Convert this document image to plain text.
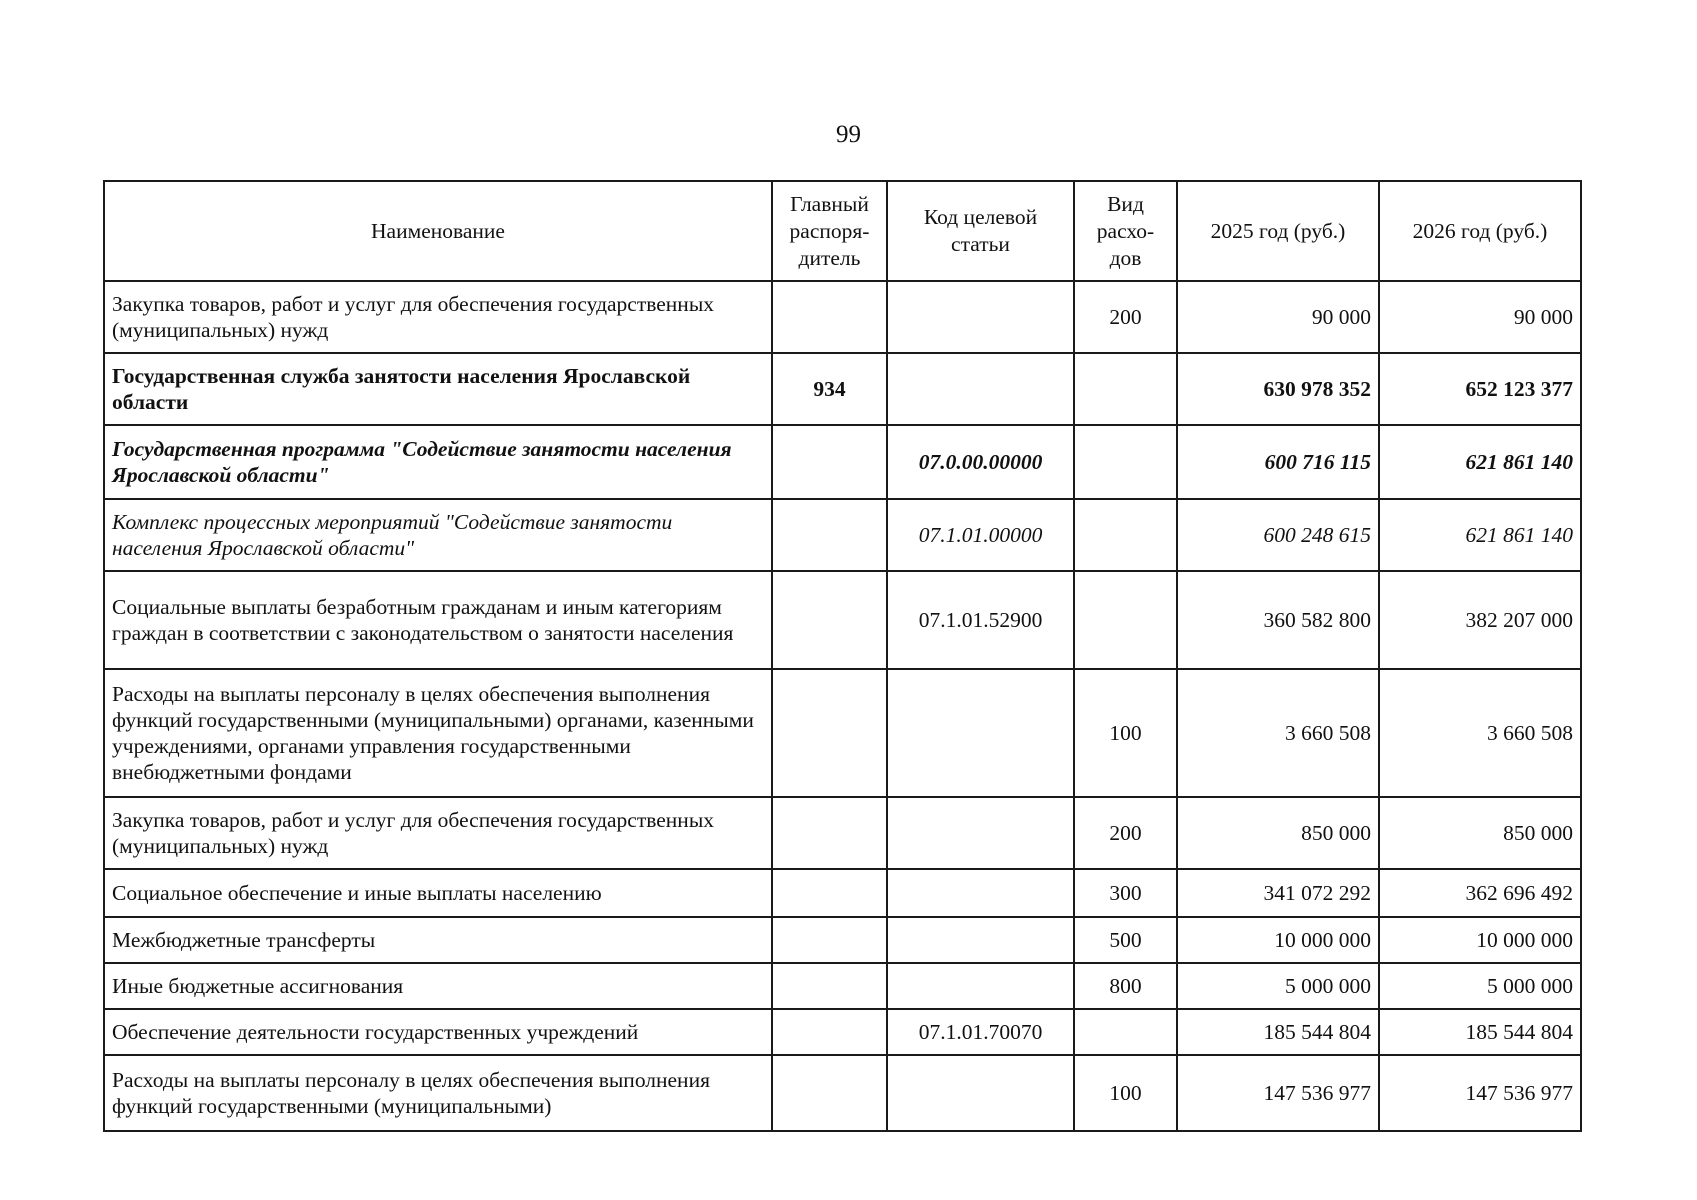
99
Наименование	Главный распоря-дитель	Код целевой статьи	Вид расхо-дов	2025 год (руб.)	2026 год (руб.)
Закупка товаров, работ и услуг для обеспечения государственных (муниципальных) нужд			200	90 000	90 000
Государственная служба занятости населения Ярославской области	934			630 978 352	652 123 377
Государственная программа "Содействие занятости населения Ярославской области"		07.0.00.00000		600 716 115	621 861 140
Комплекс процессных мероприятий "Содействие занятости населения Ярославской области"		07.1.01.00000		600 248 615	621 861 140
Социальные выплаты безработным гражданам и иным категориям граждан в соответствии с законодательством о занятости населения		07.1.01.52900		360 582 800	382 207 000
Расходы на выплаты персоналу в целях обеспечения выполнения функций государственными (муниципальными) органами, казенными учреждениями, органами управления государственными внебюджетными фондами			100	3 660 508	3 660 508
Закупка товаров, работ и услуг для обеспечения государственных (муниципальных) нужд			200	850 000	850 000
Социальное обеспечение и иные выплаты населению			300	341 072 292	362 696 492
Межбюджетные трансферты			500	10 000 000	10 000 000
Иные бюджетные ассигнования			800	5 000 000	5 000 000
Обеспечение деятельности государственных учреждений		07.1.01.70070		185 544 804	185 544 804
Расходы на выплаты персоналу в целях обеспечения выполнения функций государственными (муниципальными)			100	147 536 977	147 536 977
